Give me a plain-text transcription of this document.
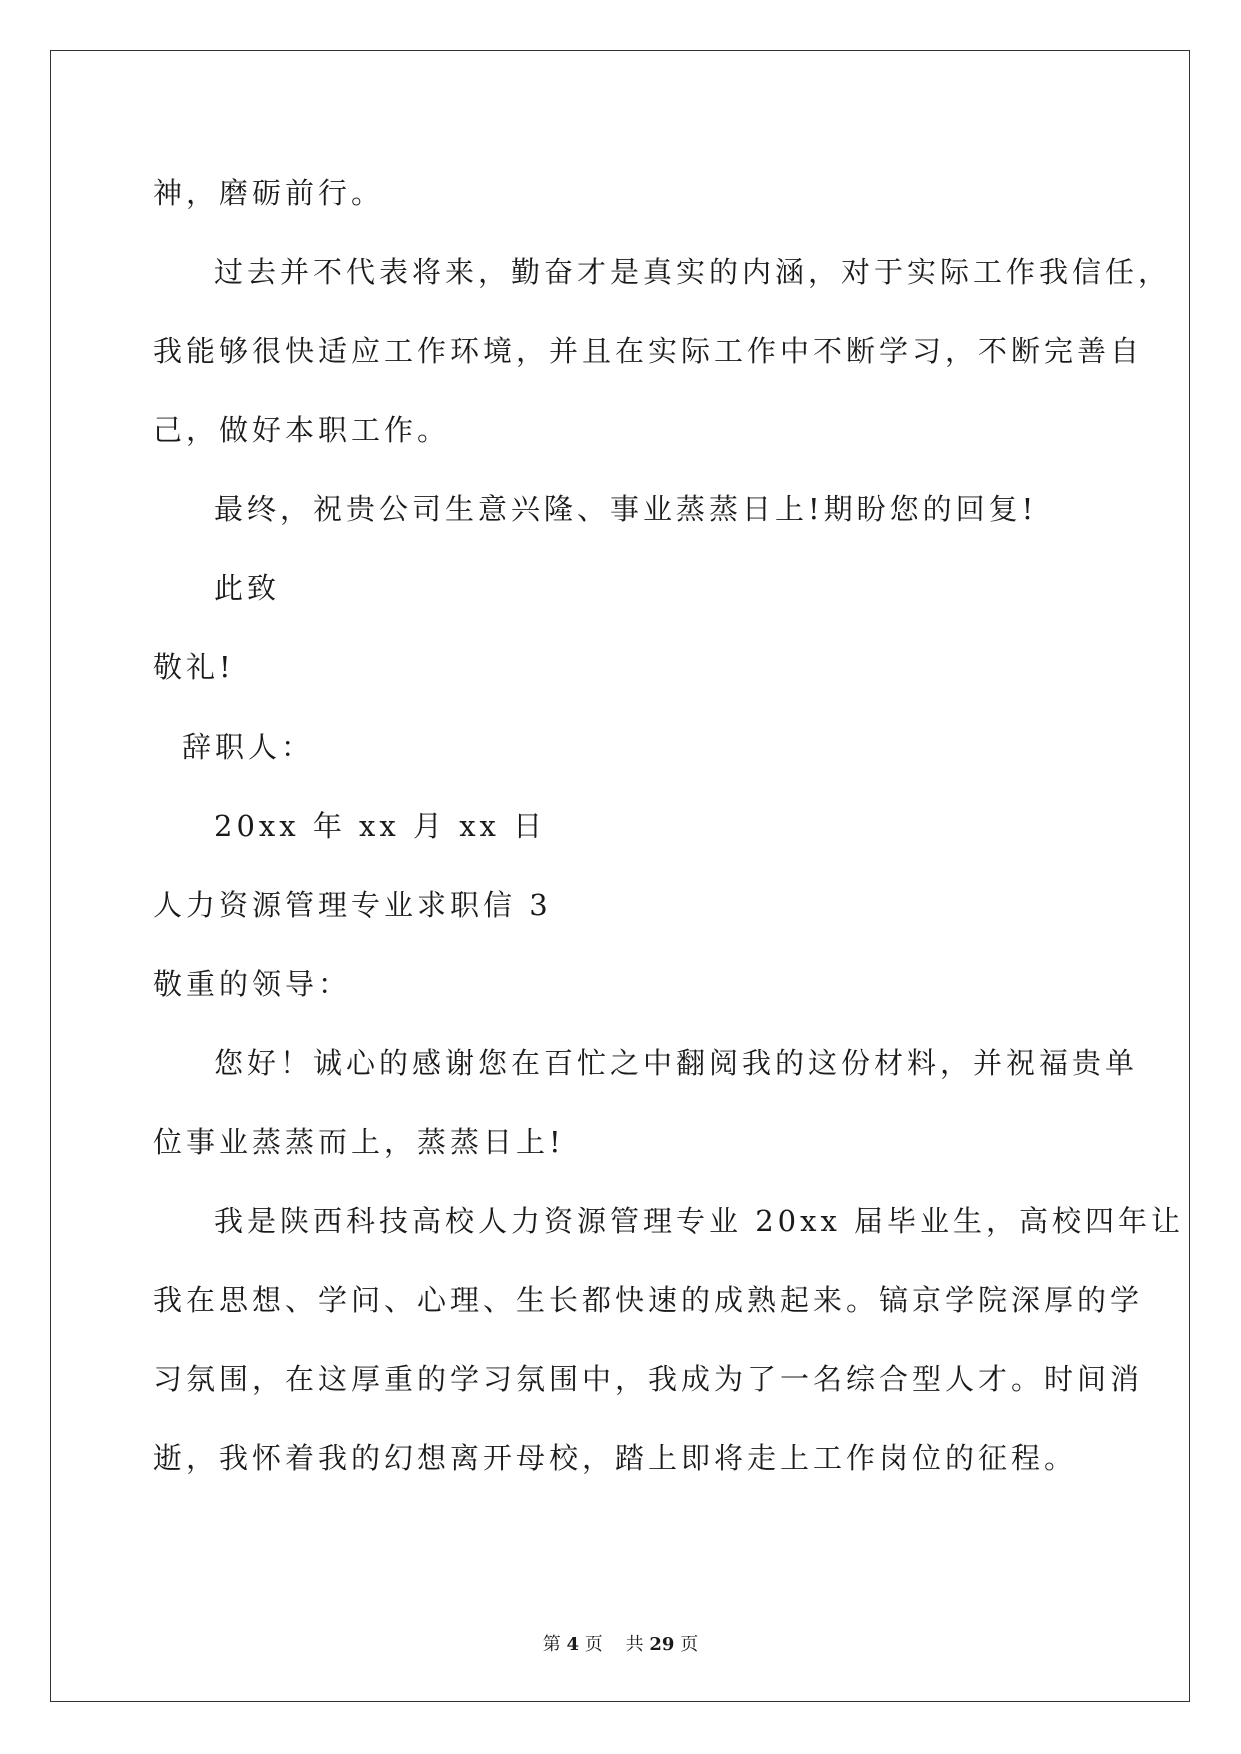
神，磨砺前行。
过去并不代表将来，勤奋才是真实的内涵，对于实际工作我信任，
我能够很快适应工作环境，并且在实际工作中不断学习，不断完善自
己，做好本职工作。
最终，祝贵公司生意兴隆、事业蒸蒸日上!期盼您的回复!
此致
敬礼!
辞职人：
20xx 年 xx 月 xx 日
人力资源管理专业求职信 3
敬重的领导：
您好！诚心的感谢您在百忙之中翻阅我的这份材料，并祝福贵单
位事业蒸蒸而上，蒸蒸日上!
我是陕西科技高校人力资源管理专业 20xx 届毕业生，高校四年让
我在思想、学问、心理、生长都快速的成熟起来。镐京学院深厚的学
习氛围，在这厚重的学习氛围中，我成为了一名综合型人才。时间消
逝，我怀着我的幻想离开母校，踏上即将走上工作岗位的征程。
第 4 页    共 29 页
